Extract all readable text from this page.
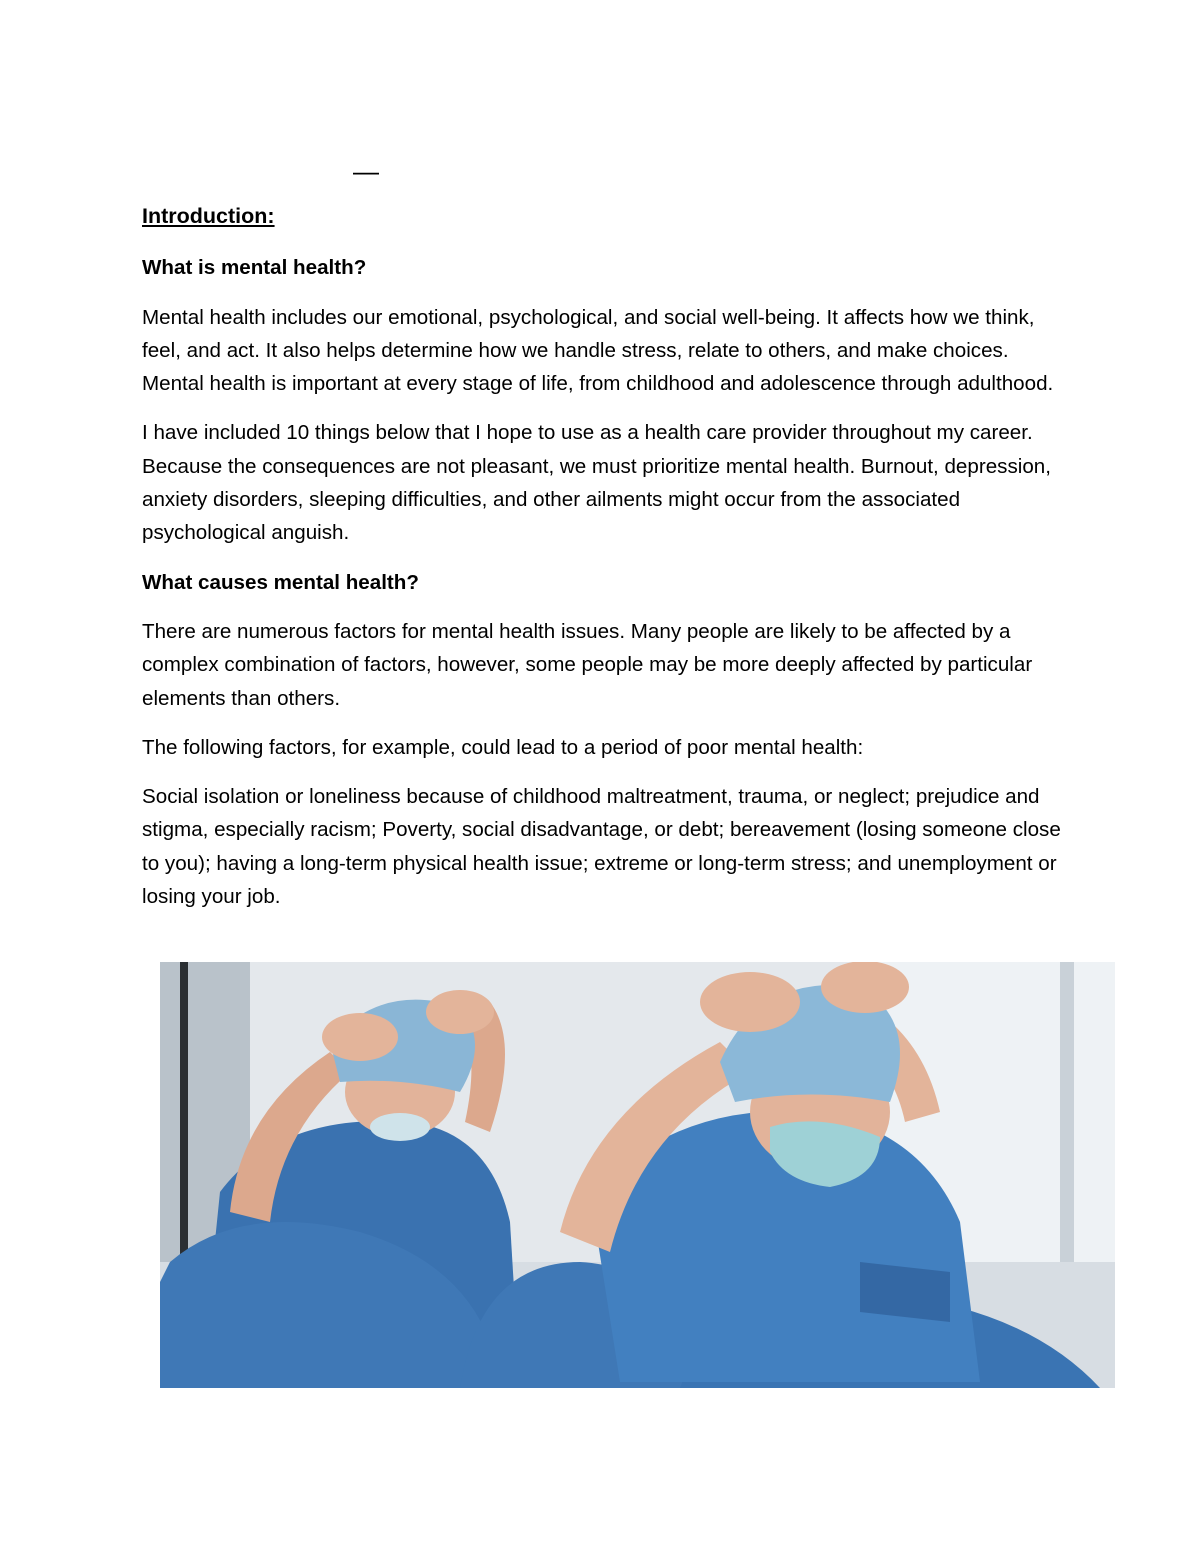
—

Introduction:

What is mental health?

Mental health includes our emotional, psychological, and social well-being. It affects how we think, feel, and act. It also helps determine how we handle stress, relate to others, and make choices. Mental health is important at every stage of life, from childhood and adolescence through adulthood.

I have included 10 things below that I hope to use as a health care provider throughout my career. Because the consequences are not pleasant, we must prioritize mental health. Burnout, depression, anxiety disorders, sleeping difficulties, and other ailments might occur from the associated psychological anguish.

What causes mental health?

There are numerous factors for mental health issues. Many people are likely to be affected by a complex combination of factors, however, some people may be more deeply affected by particular elements than others.

The following factors, for example, could lead to a period of poor mental health:

Social isolation or loneliness because of childhood maltreatment, trauma, or neglect; prejudice and stigma, especially racism; Poverty, social disadvantage, or debt; bereavement (losing someone close to you); having a long-term physical health issue; extreme or long-term stress; and unemployment or losing your job.
